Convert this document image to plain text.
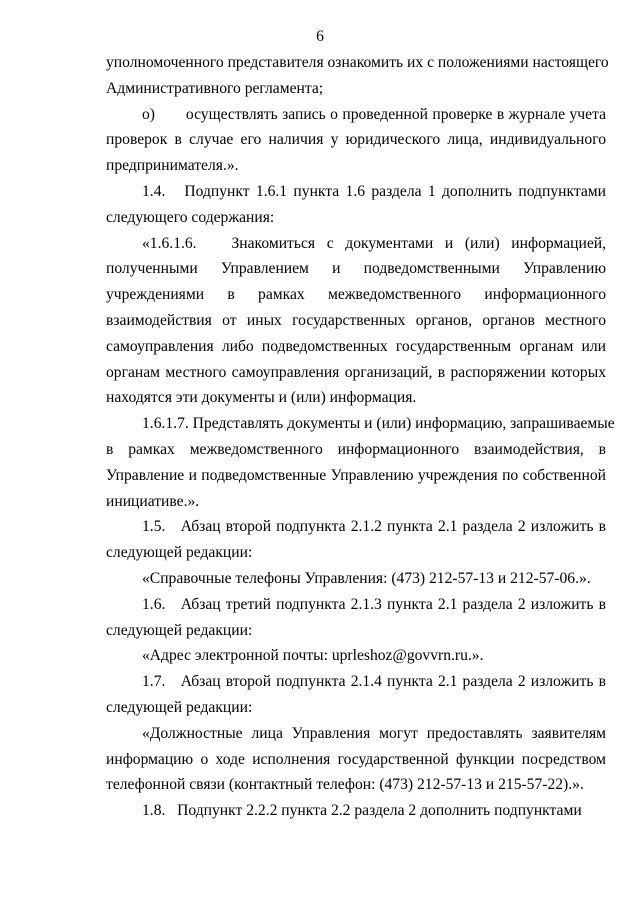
6
уполномоченного представителя ознакомить их с положениями настоящего
Административного регламента;
о)       осуществлять запись о проведенной проверке в журнале учета
проверок в случае его наличия у юридического лица, индивидуального
предпринимателя.».
1.4.   Подпункт 1.6.1 пункта 1.6 раздела 1 дополнить подпунктами
следующего содержания:
«1.6.1.6.   Знакомиться с документами и (или) информацией,
полученными Управлением и подведомственными Управлению
учреждениями в рамках межведомственного информационного
взаимодействия от иных государственных органов, органов местного
самоуправления либо подведомственных государственным органам или
органам местного самоуправления организаций, в распоряжении которых
находятся эти документы и (или) информация.
1.6.1.7. Представлять документы и (или) информацию, запрашиваемые
в рамках межведомственного информационного взаимодействия, в
Управление и подведомственные Управлению учреждения по собственной
инициативе.».
1.5.   Абзац второй подпункта 2.1.2 пункта 2.1 раздела 2 изложить в
следующей редакции:
«Справочные телефоны Управления: (473) 212-57-13 и 212-57-06.».
1.6.   Абзац третий подпункта 2.1.3 пункта 2.1 раздела 2 изложить в
следующей редакции:
«Адрес электронной почты: uprleshoz@govvrn.ru.».
1.7.   Абзац второй подпункта 2.1.4 пункта 2.1 раздела 2 изложить в
следующей редакции:
«Должностные лица Управления могут предоставлять заявителям
информацию о ходе исполнения государственной функции посредством
телефонной связи (контактный телефон: (473) 212-57-13 и 215-57-22).».
1.8.   Подпункт 2.2.2 пункта 2.2 раздела 2 дополнить подпунктами
